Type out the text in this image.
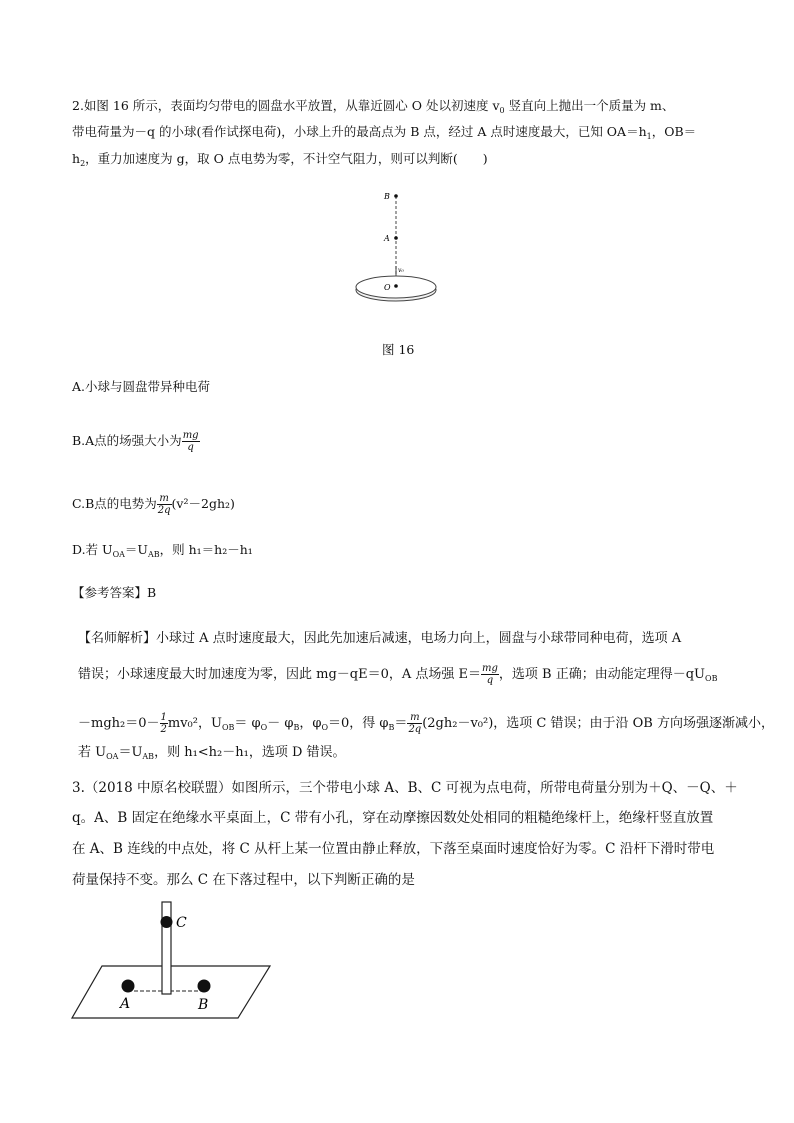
2.如图 16 所示，表面均匀带电的圆盘水平放置，从靠近圆心 O 处以初速度 $v_0$ 竖直向上抛出一个质量为 m、
带电荷量为－q 的小球(看作试探电荷)，小球上升的最高点为 B 点，经过 A 点时速度最大，已知 $OA=h_1$，OB＝
$h_2$，重力加速度为 g，取 O 点电势为零，不计空气阻力，则可以判断(　　)
B
A
v₀
O
图 16
A.小球与圆盘带异种电荷
B.A点的场强大小为 $\frac{mg}{q}$
C.B点的电势为 $\frac{m}{2q} (v^2-2gh_2)$
D.若 $U_{OA}=U_{AB}$，则 h₁＝h₂－h₁
【参考答案】B
【名师解析】小球过 A 点时速度最大，因此先加速后减速，电场力向上，圆盘与小球带同种电荷，选项 A
错误；小球速度最大时加速度为零，因此 mg－qE＝0，A 点场强 $E= \frac{mg}{q}$ ，选项 B 正确；由动能定理得$-qU_{OB}$
$-mgh_2=0- \frac{1}{2} mv_0^2$，$U_{OB}= \varphi_O- \varphi_B$，$\varphi_O=0$，得 $\varphi_B= \frac{m}{2q} (2gh_2-v_0^2)$，选项 C 错误；由于沿 OB 方向场强逐渐减小，
若 $U_{OA}=U_{AB}$，则 h₁<h₂－h₁，选项 D 错误。
3.（2018 中原名校联盟）如图所示，三个带电小球 A、B、C 可视为点电荷，所带电荷量分别为＋Q、－Q、＋
q。A、B 固定在绝缘水平桌面上，C 带有小孔，穿在动摩擦因数处处相同的粗糙绝缘杆上，绝缘杆竖直放置
在 A、B 连线的中点处，将 C 从杆上某一位置由静止释放，下落至桌面时速度恰好为零。C 沿杆下滑时带电
荷量保持不变。那么 C 在下落过程中，以下判断正确的是
C
A	B
